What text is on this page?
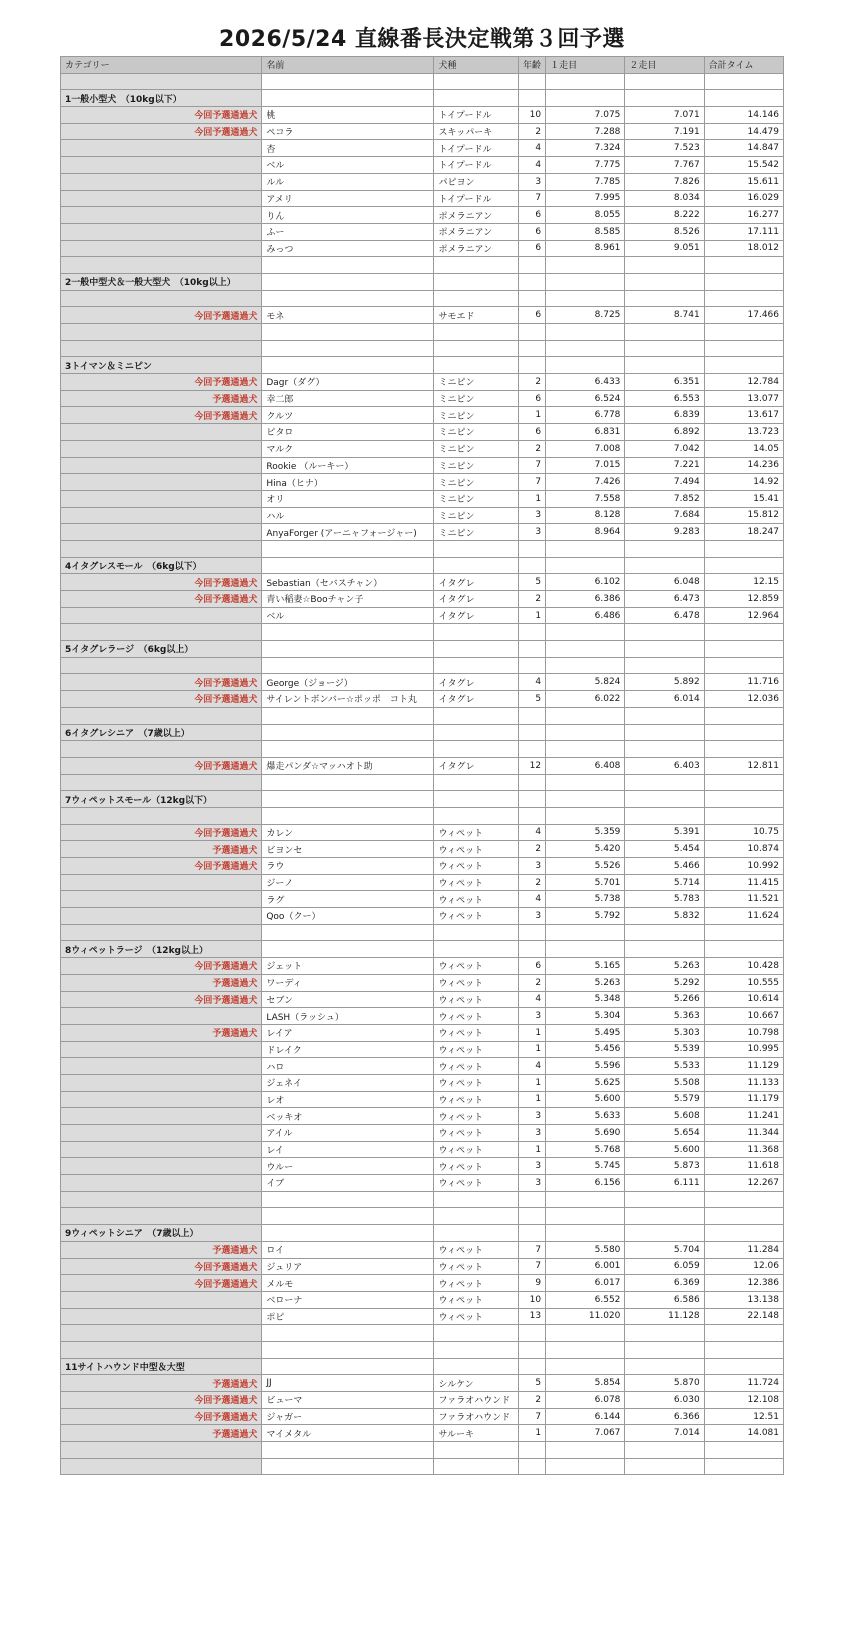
2026/5/24 直線番長決定戦第３回予選
カテゴリー	名前	犬種	年齢	１走目	２走目	合計タイム

1一般小型犬　（10kg以下）						
今回予選通過犬	桃	トイプードル	10	7.075	7.071	14.146
今回予選通過犬	ペコラ	スキッパーキ	2	7.288	7.191	14.479
	杏	トイプードル	4	7.324	7.523	14.847
	ベル	トイプードル	4	7.775	7.767	15.542
	ルル	パピヨン	3	7.785	7.826	15.611
	アメリ	トイプードル	7	7.995	8.034	16.029
	りん	ポメラニアン	6	8.055	8.222	16.277
	ふー	ポメラニアン	6	8.585	8.526	17.111
	みっつ	ポメラニアン	6	8.961	9.051	18.012

2一般中型犬＆一般大型犬　（10kg以上）						

今回予選通過犬	モネ	サモエド	6	8.725	8.741	17.466

3トイマン＆ミニピン						
今回予選通過犬	Dagr（ダグ）	ミニピン	2	6.433	6.351	12.784
予選通過犬	幸二郎	ミニピン	6	6.524	6.553	13.077
今回予選通過犬	クルツ	ミニピン	1	6.778	6.839	13.617
	ピタロ	ミニピン	6	6.831	6.892	13.723
	マルク	ミニピン	2	7.008	7.042	14.05
	Rookie （ルーキー）	ミニピン	7	7.015	7.221	14.236
	Hina（ヒナ）	ミニピン	7	7.426	7.494	14.92
	オリ	ミニピン	1	7.558	7.852	15.41
	ハル	ミニピン	3	8.128	7.684	15.812
	AnyaForger (アーニャフォージャー)	ミニピン	3	8.964	9.283	18.247

4イタグレスモール　（6kg以下）						
今回予選通過犬	Sebastian（セバスチャン）	イタグレ	5	6.102	6.048	12.15
今回予選通過犬	青い稲妻☆Booチャン子	イタグレ	2	6.386	6.473	12.859
	ベル	イタグレ	1	6.486	6.478	12.964

5イタグレラージ　（6kg以上）						

今回予選通過犬	George（ジョージ）	イタグレ	4	5.824	5.892	11.716
今回予選通過犬	サイレントボンバー☆ポッポ　コト丸	イタグレ	5	6.022	6.014	12.036

6イタグレシニア　（7歳以上）						

今回予選通過犬	爆走パンダ☆マッハオト助	イタグレ	12	6.408	6.403	12.811

7ウィペットスモール（12kg以下）						

今回予選通過犬	カレン	ウィペット	4	5.359	5.391	10.75
予選通過犬	ビヨンセ	ウィペット	2	5.420	5.454	10.874
今回予選通過犬	ラウ	ウィペット	3	5.526	5.466	10.992
	ジーノ	ウィペット	2	5.701	5.714	11.415
	ラグ	ウィペット	4	5.738	5.783	11.521
	Qoo（クー）	ウィペット	3	5.792	5.832	11.624

8ウィペットラージ　（12kg以上）						
今回予選通過犬	ジェット	ウィペット	6	5.165	5.263	10.428
予選通過犬	ワーディ	ウィペット	2	5.263	5.292	10.555
今回予選通過犬	セブン	ウィペット	4	5.348	5.266	10.614
	LASH（ラッシュ）	ウィペット	3	5.304	5.363	10.667
予選通過犬	レイア	ウィペット	1	5.495	5.303	10.798
	ドレイク	ウィペット	1	5.456	5.539	10.995
	ハロ	ウィペット	4	5.596	5.533	11.129
	ジェネイ	ウィペット	1	5.625	5.508	11.133
	レオ	ウィペット	1	5.600	5.579	11.179
	ベッキオ	ウィペット	3	5.633	5.608	11.241
	アイル	ウィペット	3	5.690	5.654	11.344
	レイ	ウィペット	1	5.768	5.600	11.368
	ウルー	ウィペット	3	5.745	5.873	11.618
	イブ	ウィペット	3	6.156	6.111	12.267

9ウィペットシニア　（7歳以上）						
予選通過犬	ロイ	ウィペット	7	5.580	5.704	11.284
今回予選通過犬	ジュリア	ウィペット	7	6.001	6.059	12.06
今回予選通過犬	メルモ	ウィペット	9	6.017	6.369	12.386
	ベローナ	ウィペット	10	6.552	6.586	13.138
	ポピ	ウィペット	13	11.020	11.128	22.148

11サイトハウンド中型＆大型						
予選通過犬	JJ	シルケン	5	5.854	5.870	11.724
今回予選通過犬	ビューマ	ファラオハウンド	2	6.078	6.030	12.108
今回予選通過犬	ジャガー	ファラオハウンド	7	6.144	6.366	12.51
予選通過犬	マイメタル	サルーキ	1	7.067	7.014	14.081
